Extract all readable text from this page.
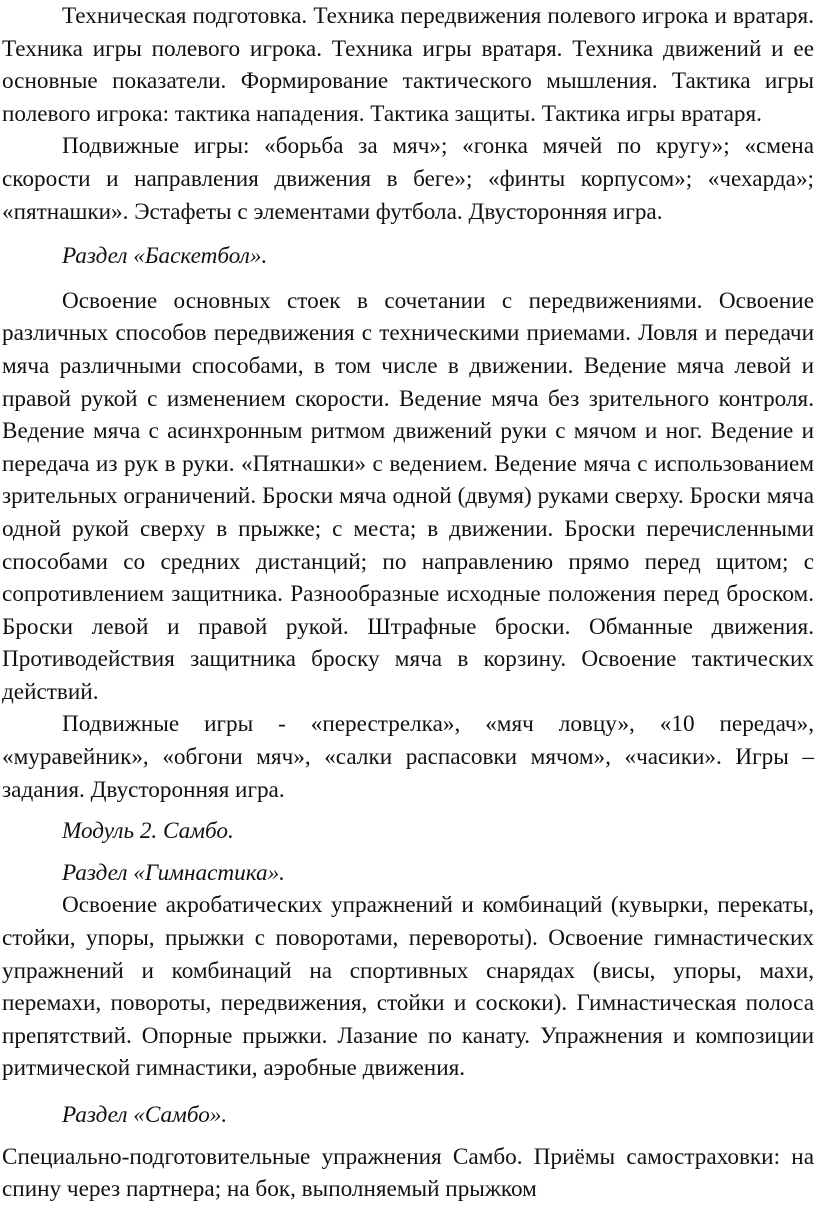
Техническая подготовка. Техника передвижения полевого игрока и вратаря. Техника игры полевого игрока. Техника игры вратаря. Техника движений и ее основные показатели. Формирование тактического мышления. Тактика игры полевого игрока: тактика нападения. Тактика защиты. Тактика игры вратаря.

Подвижные игры: «борьба за мяч»; «гонка мячей по кругу»; «смена скорости и направления движения в беге»; «финты корпусом»; «чехарда»; «пятнашки». Эстафеты с элементами футбола. Двусторонняя игра.

Раздел «Баскетбол».

Освоение основных стоек в сочетании с передвижениями. Освоение различных способов передвижения с техническими приемами. Ловля и передачи мяча различными способами, в том числе в движении. Ведение мяча левой и правой рукой с изменением скорости. Ведение мяча без зрительного контроля. Ведение мяча с асинхронным ритмом движений руки с мячом и ног. Ведение и передача из рук в руки. «Пятнашки» с ведением. Ведение мяча с использованием зрительных ограничений. Броски мяча одной (двумя) руками сверху. Броски мяча одной рукой сверху в прыжке; с места; в движении. Броски перечисленными способами со средних дистанций; по направлению прямо перед щитом; с сопротивлением защитника. Разнообразные исходные положения перед броском. Броски левой и правой рукой. Штрафные броски. Обманные движения. Противодействия защитника броску мяча в корзину. Освоение тактических действий.

Подвижные игры - «перестрелка», «мяч ловцу», «10 передач», «муравейник», «обгони мяч», «салки распасовки мячом», «часики». Игры – задания. Двусторонняя игра.

Модуль 2. Самбо.

Раздел «Гимнастика».

Освоение акробатических упражнений и комбинаций (кувырки, перекаты, стойки, упоры, прыжки с поворотами, перевороты). Освоение гимнастических упражнений и комбинаций на спортивных снарядах (висы, упоры, махи, перемахи, повороты, передвижения, стойки и соскоки). Гимнастическая полоса препятствий. Опорные прыжки. Лазание по канату. Упражнения и композиции ритмической гимнастики, аэробные движения.

Раздел «Самбо».

Специально-подготовительные упражнения Самбо. Приёмы самостраховки: на спину через партнера; на бок, выполняемый прыжком
